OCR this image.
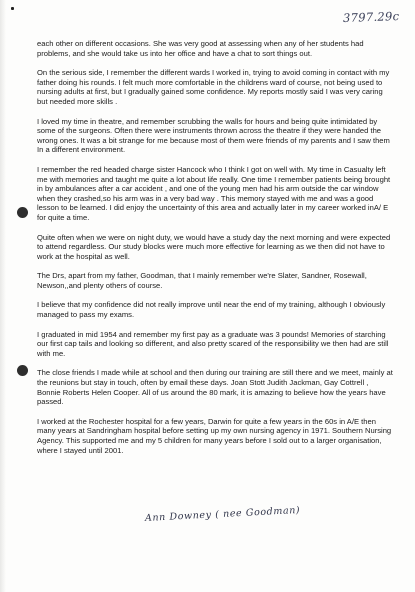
3797.29c

each other on different occasions. She was very good at assessing when any of her students had problems, and she would take us into her office and have a chat to sort things out.

On the serious side, I remember the different wards I worked in, trying to avoid coming in contact with my father doing his rounds. I felt much more comfortable in the childrens ward of course, not being used to nursing adults at first, but I gradually gained some confidence. My reports mostly said I was very caring but needed more skills .

I loved my time in theatre, and remember scrubbing the walls for hours and being quite intimidated by some of the surgeons. Often there were instruments thrown across the theatre if they were handed the wrong ones. It was a bit strange for me because most of them were friends of my parents and I saw them In a different environment.

I remember the red headed charge sister Hancock who I think I got on well with. My time in Casualty left me with memories and taught me quite a lot about life really. One time I remember patients being brought in by ambulances after a car accident , and one of the young men had his arm outside the car window when they crashed,so his arm was in a very bad way . This memory stayed with me and was a good lesson to be learned. I did enjoy the uncertainty of this area and actually later in my career worked inA/ E for quite a time.

Quite often when we were on night duty, we would have a study day the next morning and were expected to attend regardless. Our study blocks were much more effective for learning as we then did not have to work at the hospital as well.

The Drs, apart from my father, Goodman, that I mainly remember we're Slater, Sandner, Rosewall, Newson,,and plenty others of course.

I believe that my confidence did not really improve until near the end of my training, although I obviously managed to pass my exams.

I graduated in mid 1954 and remember my first pay as a graduate was 3 pounds! Memories of starching our first cap tails and looking so different, and also pretty scared of the responsibility we then had are still with me.

The close friends I made while at school and then during our training are still there and we meet, mainly at the reunions but stay in touch, often by email these days. Joan Stott Judith Jackman, Gay Cottrell , Bonnie Roberts Helen Cooper. All of us around the 80 mark, it is amazing to believe how the years have passed.

I worked at the Rochester hospital for a few years, Darwin for quite a few years in the 60s in A/E then many years at Sandringham hospital before setting up my own nursing agency in 1971. Southern Nursing Agency. This supported me and my 5 children for many years before I sold out to a larger organisation, where I stayed until 2001.

Ann Downey ( nee Goodman)
